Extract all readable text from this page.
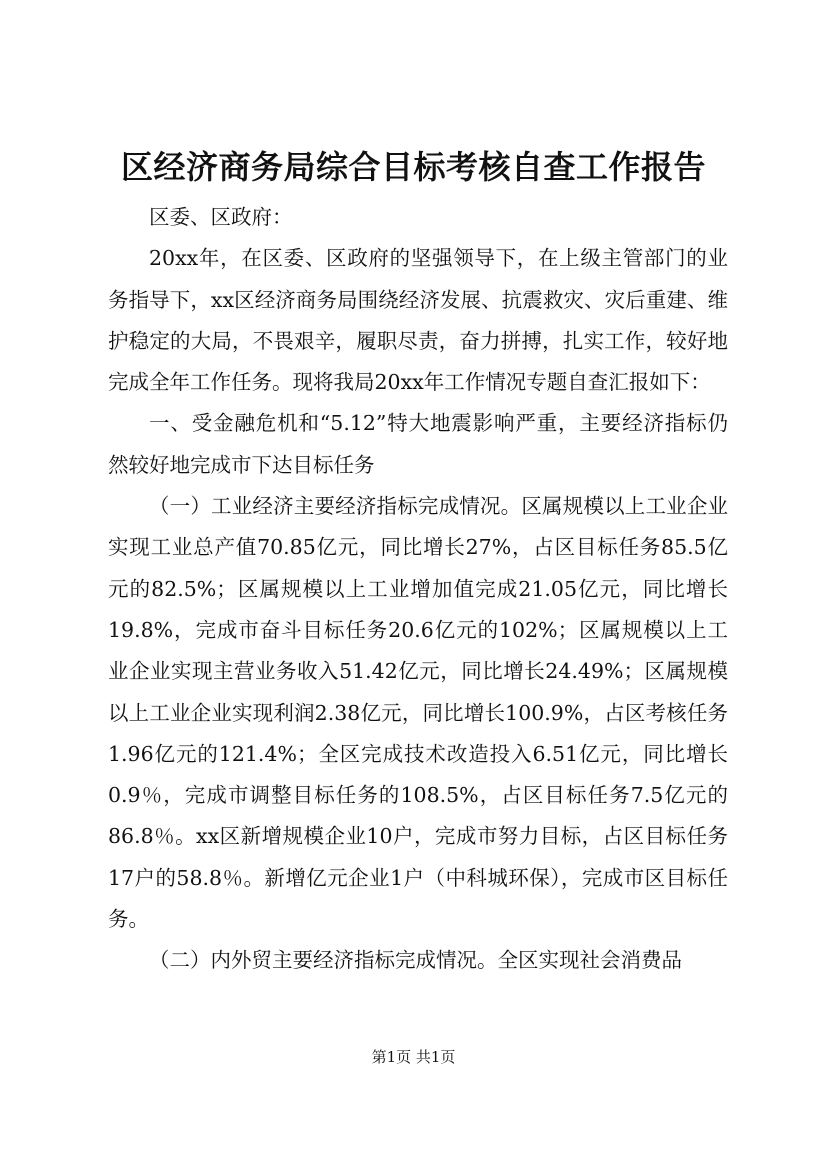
区经济商务局综合目标考核自查工作报告

区委、区政府：

20xx年，在区委、区政府的坚强领导下，在上级主管部门的业务指导下，xx区经济商务局围绕经济发展、抗震救灾、灾后重建、维护稳定的大局，不畏艰辛，履职尽责，奋力拼搏，扎实工作，较好地完成全年工作任务。现将我局20xx年工作情况专题自查汇报如下：

一、受金融危机和“5.12”特大地震影响严重，主要经济指标仍然较好地完成市下达目标任务

（一）工业经济主要经济指标完成情况。区属规模以上工业企业实现工业总产值70.85亿元，同比增长27%，占区目标任务85.5亿元的82.5%；区属规模以上工业增加值完成21.05亿元，同比增长19.8%，完成市奋斗目标任务20.6亿元的102%；区属规模以上工业企业实现主营业务收入51.42亿元，同比增长24.49%；区属规模以上工业企业实现利润2.38亿元，同比增长100.9%，占区考核任务1.96亿元的121.4%；全区完成技术改造投入6.51亿元，同比增长0.9％，完成市调整目标任务的108.5%，占区目标任务7.5亿元的86.8％。xx区新增规模企业10户，完成市努力目标，占区目标任务17户的58.8％。新增亿元企业1户（中科城环保），完成市区目标任务。

（二）内外贸主要经济指标完成情况。全区实现社会消费品

第1页 共1页
